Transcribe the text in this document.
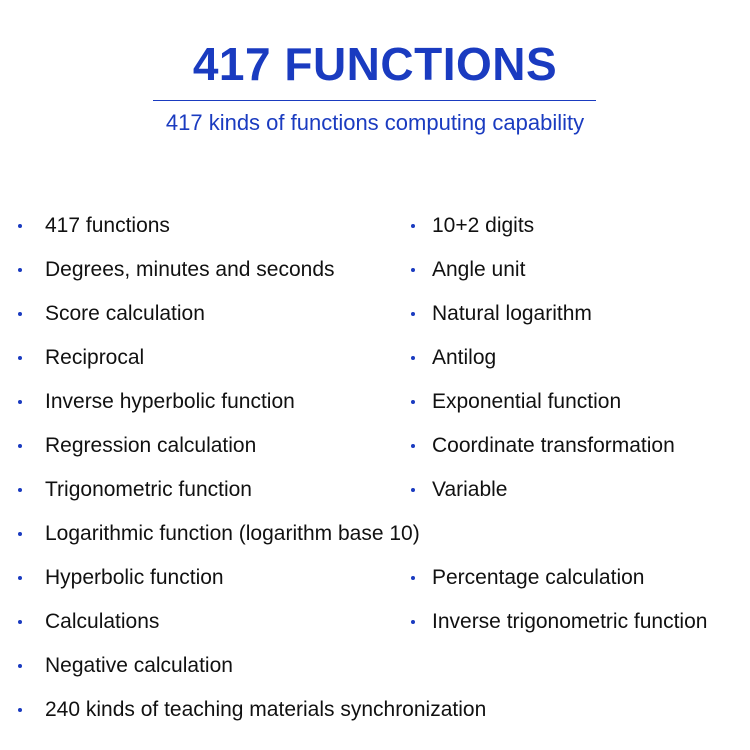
417 FUNCTIONS
417 kinds of functions computing capability
417 functions	10+2 digits
Degrees, minutes and seconds	Angle unit
Score calculation	Natural logarithm
Reciprocal	Antilog
Inverse hyperbolic function	Exponential function
Regression calculation	Coordinate transformation
Trigonometric function	Variable
Logarithmic function (logarithm base 10)
Hyperbolic function	Percentage calculation
Calculations	Inverse trigonometric function
Negative calculation
240 kinds of teaching materials synchronization
